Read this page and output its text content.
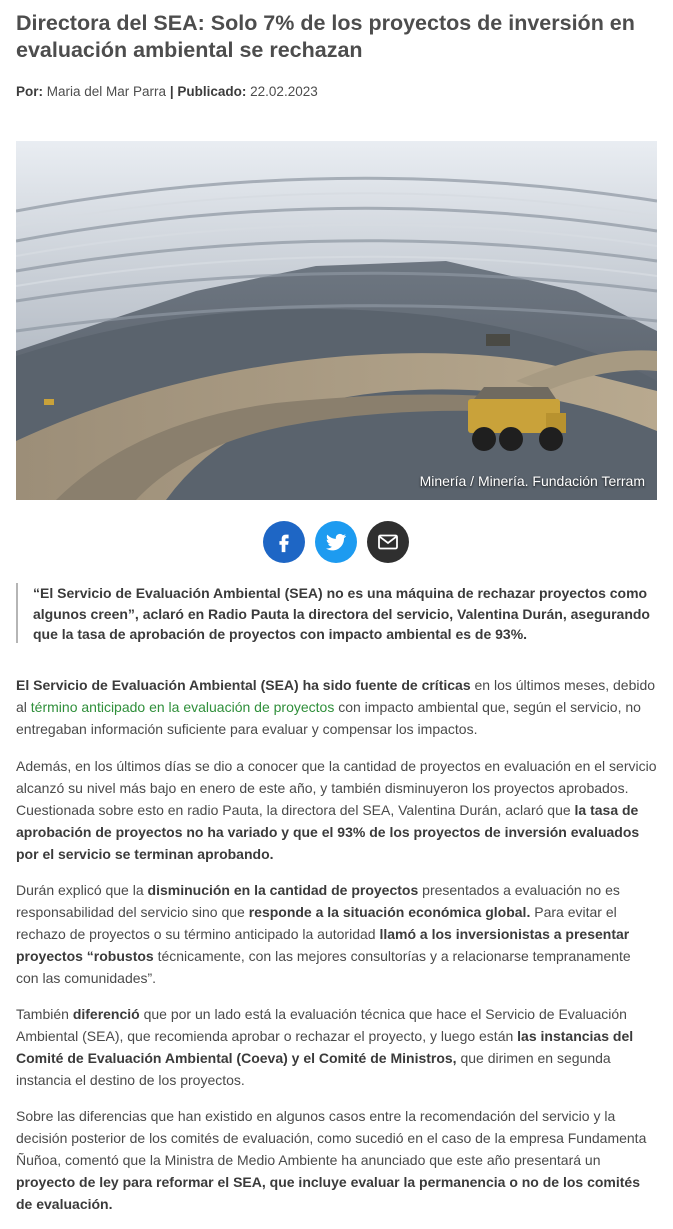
Directora del SEA: Solo 7% de los proyectos de inversión en evaluación ambiental se rechazan
Por: Maria del Mar Parra | Publicado: 22.02.2023
Minería / Minería. Fundación Terram

“El Servicio de Evaluación Ambiental (SEA) no es una máquina de rechazar proyectos como algunos creen”, aclaró en Radio Pauta la directora del servicio, Valentina Durán, asegurando que la tasa de aprobación de proyectos con impacto ambiental es de 93%.

El Servicio de Evaluación Ambiental (SEA) ha sido fuente de críticas en los últimos meses, debido al término anticipado en la evaluación de proyectos con impacto ambiental que, según el servicio, no entregaban información suficiente para evaluar y compensar los impactos.

Además, en los últimos días se dio a conocer que la cantidad de proyectos en evaluación en el servicio alcanzó su nivel más bajo en enero de este año, y también disminuyeron los proyectos aprobados. Cuestionada sobre esto en radio Pauta, la directora del SEA, Valentina Durán, aclaró que la tasa de aprobación de proyectos no ha variado y que el 93% de los proyectos de inversión evaluados por el servicio se terminan aprobando.

Durán explicó que la disminución en la cantidad de proyectos presentados a evaluación no es responsabilidad del servicio sino que responde a la situación económica global. Para evitar el rechazo de proyectos o su término anticipado la autoridad llamó a los inversionistas a presentar proyectos “robustos técnicamente, con las mejores consultorías y a relacionarse tempranamente con las comunidades”.

También diferenció que por un lado está la evaluación técnica que hace el Servicio de Evaluación Ambiental (SEA), que recomienda aprobar o rechazar el proyecto, y luego están las instancias del Comité de Evaluación Ambiental (Coeva) y el Comité de Ministros, que dirimen en segunda instancia el destino de los proyectos.

Sobre las diferencias que han existido en algunos casos entre la recomendación del servicio y la decisión posterior de los comités de evaluación, como sucedió en el caso de la empresa Fundamenta Ñuñoa, comentó que la Ministra de Medio Ambiente ha anunciado que este año presentará un proyecto de ley para reformar el SEA, que incluye evaluar la permanencia o no de los comités de evaluación.
